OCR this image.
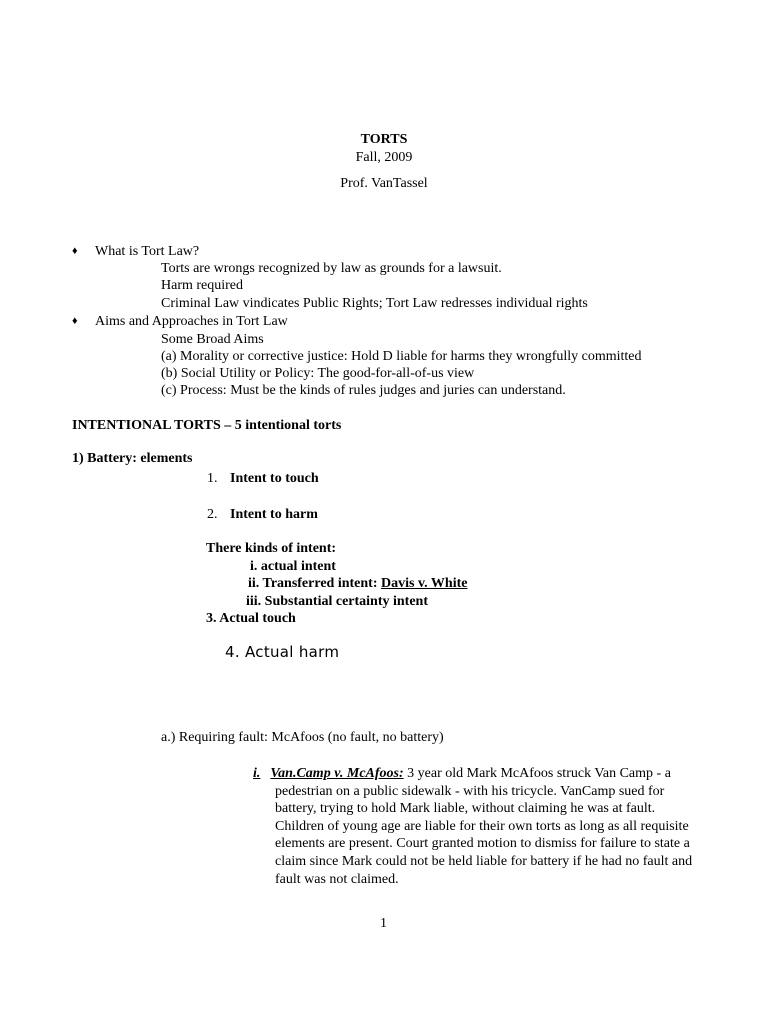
TORTS
Fall, 2009
Prof. VanTassel
♦ What is Tort Law?
Torts are wrongs recognized by law as grounds for a lawsuit.
Harm required
Criminal Law vindicates Public Rights; Tort Law redresses individual rights
♦ Aims and Approaches in Tort Law
Some Broad Aims
(a) Morality or corrective justice: Hold D liable for harms they wrongfully committed
(b) Social Utility or Policy: The good-for-all-of-us view
(c) Process: Must be the kinds of rules judges and juries can understand.
INTENTIONAL TORTS – 5 intentional torts
1) Battery: elements
1. Intent to touch
2. Intent to harm
There kinds of intent:
i. actual intent
ii. Transferred intent: Davis v. White
iii. Substantial certainty intent
3. Actual touch
4. Actual harm
a.) Requiring fault: McAfoos (no fault, no battery)
i. Van.Camp v. McAfoos: 3 year old Mark McAfoos struck Van Camp - a pedestrian on a public sidewalk - with his tricycle. VanCamp sued for battery, trying to hold Mark liable, without claiming he was at fault. Children of young age are liable for their own torts as long as all requisite elements are present. Court granted motion to dismiss for failure to state a claim since Mark could not be held liable for battery if he had no fault and fault was not claimed.
1
